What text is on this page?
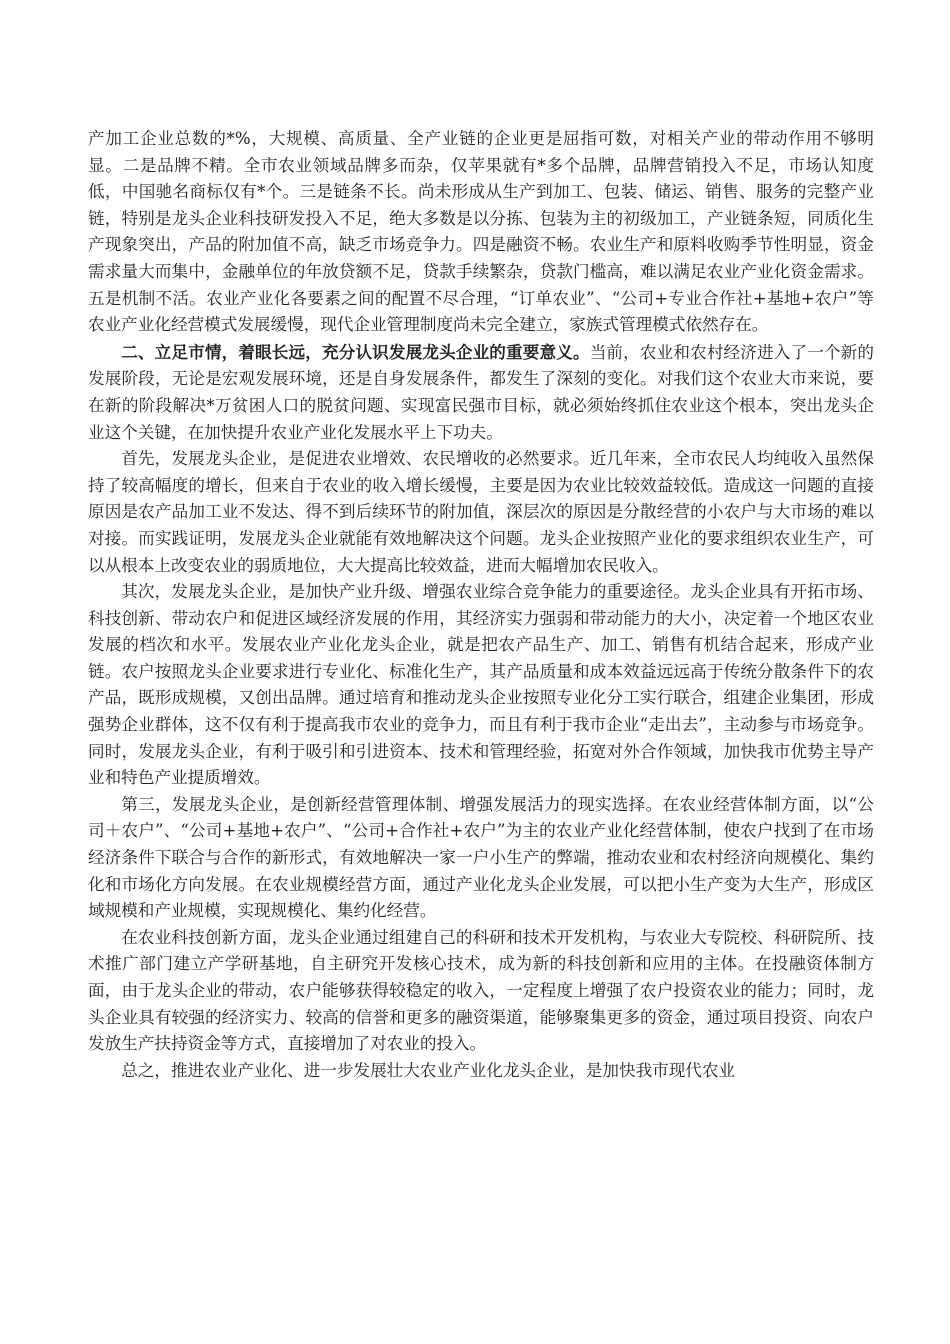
产加工企业总数的*%，大规模、高质量、全产业链的企业更是屈指可数，对相关产业的带动作用不够明显。二是品牌不精。全市农业领域品牌多而杂，仅苹果就有*多个品牌，品牌营销投入不足，市场认知度低，中国驰名商标仅有*个。三是链条不长。尚未形成从生产到加工、包装、储运、销售、服务的完整产业链，特别是龙头企业科技研发投入不足，绝大多数是以分拣、包装为主的初级加工，产业链条短，同质化生产现象突出，产品的附加值不高，缺乏市场竞争力。四是融资不畅。农业生产和原料收购季节性明显，资金需求量大而集中，金融单位的年放贷额不足，贷款手续繁杂，贷款门槛高，难以满足农业产业化资金需求。五是机制不活。农业产业化各要素之间的配置不尽合理，“订单农业”、“公司+专业合作社+基地+农户”等农业产业化经营模式发展缓慢，现代企业管理制度尚未完全建立，家族式管理模式依然存在。

二、立足市情，着眼长远，充分认识发展龙头企业的重要意义。当前，农业和农村经济进入了一个新的发展阶段，无论是宏观发展环境，还是自身发展条件，都发生了深刻的变化。对我们这个农业大市来说，要在新的阶段解决*万贫困人口的脱贫问题、实现富民强市目标，就必须始终抓住农业这个根本，突出龙头企业这个关键，在加快提升农业产业化发展水平上下功夫。

首先，发展龙头企业，是促进农业增效、农民增收的必然要求。近几年来，全市农民人均纯收入虽然保持了较高幅度的增长，但来自于农业的收入增长缓慢，主要是因为农业比较效益较低。造成这一问题的直接原因是农产品加工业不发达、得不到后续环节的附加值，深层次的原因是分散经营的小农户与大市场的难以对接。而实践证明，发展龙头企业就能有效地解决这个问题。龙头企业按照产业化的要求组织农业生产，可以从根本上改变农业的弱质地位，大大提高比较效益，进而大幅增加农民收入。

其次，发展龙头企业，是加快产业升级、增强农业综合竞争能力的重要途径。龙头企业具有开拓市场、科技创新、带动农户和促进区域经济发展的作用，其经济实力强弱和带动能力的大小，决定着一个地区农业发展的档次和水平。发展农业产业化龙头企业，就是把农产品生产、加工、销售有机结合起来，形成产业链。农户按照龙头企业要求进行专业化、标准化生产，其产品质量和成本效益远远高于传统分散条件下的农产品，既形成规模，又创出品牌。通过培育和推动龙头企业按照专业化分工实行联合，组建企业集团，形成强势企业群体，这不仅有利于提高我市农业的竞争力，而且有利于我市企业“走出去”，主动参与市场竞争。同时，发展龙头企业，有利于吸引和引进资本、技术和管理经验，拓宽对外合作领域，加快我市优势主导产业和特色产业提质增效。

第三，发展龙头企业，是创新经营管理体制、增强发展活力的现实选择。在农业经营体制方面，以“公司＋农户”、“公司+基地+农户”、“公司+合作社+农户”为主的农业产业化经营体制，使农户找到了在市场经济条件下联合与合作的新形式，有效地解决一家一户小生产的弊端，推动农业和农村经济向规模化、集约化和市场化方向发展。在农业规模经营方面，通过产业化龙头企业发展，可以把小生产变为大生产，形成区域规模和产业规模，实现规模化、集约化经营。

在农业科技创新方面，龙头企业通过组建自己的科研和技术开发机构，与农业大专院校、科研院所、技术推广部门建立产学研基地，自主研究开发核心技术，成为新的科技创新和应用的主体。在投融资体制方面，由于龙头企业的带动，农户能够获得较稳定的收入，一定程度上增强了农户投资农业的能力；同时，龙头企业具有较强的经济实力、较高的信誉和更多的融资渠道，能够聚集更多的资金，通过项目投资、向农户发放生产扶持资金等方式，直接增加了对农业的投入。

总之，推进农业产业化、进一步发展壮大农业产业化龙头企业，是加快我市现代农业
